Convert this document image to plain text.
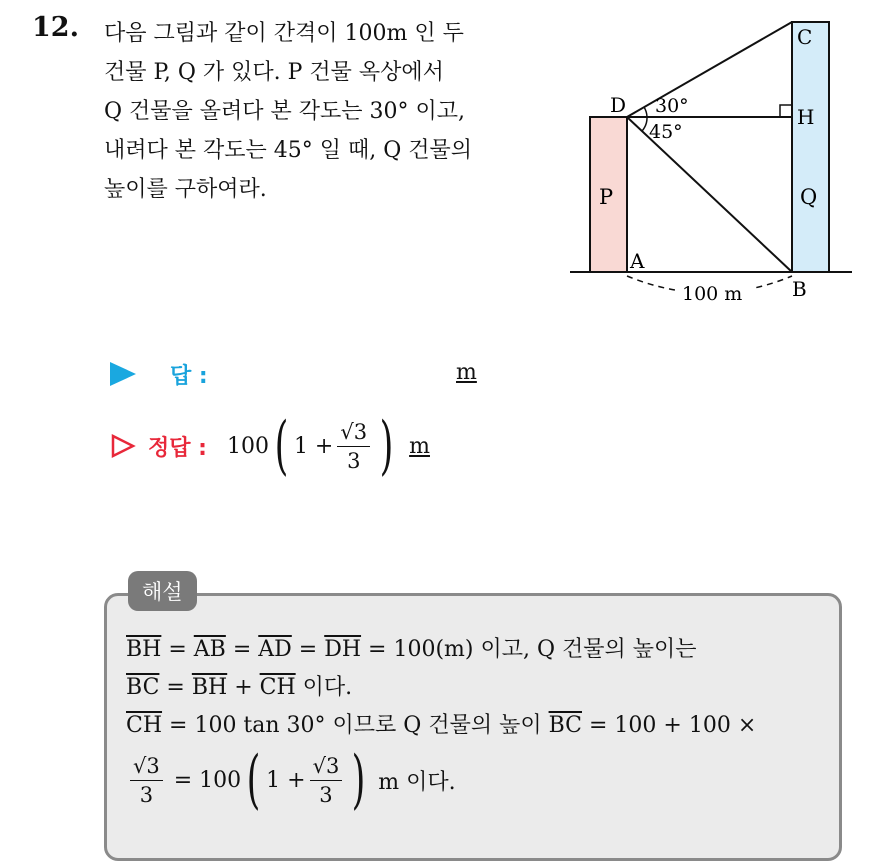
12. 다음 그림과 같이 간격이 100m 인 두
건물 P, Q 가 있다. P 건물 옥상에서
Q 건물을 올려다 본 각도는 30° 이고,
내려다 본 각도는 45° 일 때, Q 건물의
높이를 구하여라.
C
D	H
30°
45°
P	Q
A
B
100 m
답 :	m
정답 : 100 ( $1 + \frac{√3}{3}$ ) m
해설
$\overline{BH} = \overline{AB} = \overline{AD} = \overline{DH} = 100(m)$ 이고, Q 건물의 높이는
$\overline{BC} = \overline{BH} + \overline{CH}$ 이다.
$\overline{CH} = 100$ tan 30° 이므로 Q 건물의 높이 $\overline{BC} = 100 + 100$ ×
$\frac{√3}{3} = 100$ ( $1 + \frac{√3}{3}$ ) m 이다.
